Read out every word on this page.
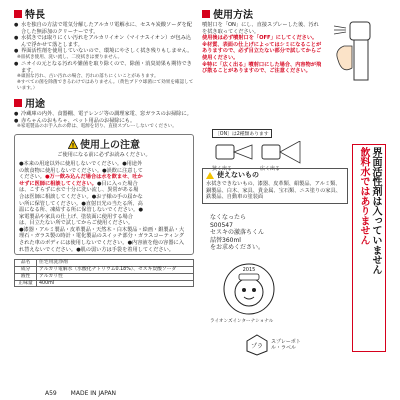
特長
● 水を独自の方法で電気分解したアルカリ電解水に、セスキ炭酸ソーダを配合した無添加のクリーナーです。
● 水拭きでは取りにくい汚れをアルカリイオン（マイナスイオン）が包み込んで浮かせて落とします。
● 界面活性剤を使用していないので、環境にやさしく拭き残りもしません。
※皿拭き使用、洗い流し、二度拭きは要りません。
● ニオイの元となる汚れや雑菌を取り除くので、除菌・消臭効果も期待できます。
※頑固な汚れ、古い汚れの場合、汚れの落ちにくいことがあります。
※すべての菌を除菌できるわけではありません。（黄色ブドウ球菌にて効果を確認しています。）
用途
● 冷蔵庫の内外、食器棚、電子レンジ等の調理家電、窓ガラスのお掃除に。
● 赤ちゃんのおもちゃ、ペット用品のお掃除にも。
※家電製品のお手入れの際は、電源を切り、直接スプレーしないでください。
! 使用上の注意
ご使用になる前に必ずお読みください。
●本来の用途以外に使用しないでください。●用途外の飲食物に使用しないでください。●誤飲に注意してください。●万一飲み込んだ場合は水を飲ませ、吐かせずに医師に相談してください。●目に入った場合は、こすらずに水で十分に洗い流し、異常がある場合は医師に相談してください。●お子様の手の届かない所に保管してください。●直射日光の当たる所、高温になる所、凍結する所に保管しないでください。●家電製品や家具の仕上げ、塗装面に使用する場合は、目立たない所で試してからご使用ください。
●漆器・アルミ製品・皮革製品・天然木・白木製品・絵画・銀製品・大理石・ガラス製の時計・電化製品のスイッチ部分・ガラスコーティングされた車のボディには使用しないでください。●内容液を他の容器に入れ替えないでください。●肌の弱い方は手袋を着用してください。
品名	住宅用洗浄剤
成分	アルカリ電解水（水酸化ナトリウム0.18%）、セスキ炭酸ソーダ
液性	アルカリ性
正味量	400ml
使用方法
噴射口を「ON」にし、直接スプレーした後、汚れを拭き取ってください。
使用後は必ず噴射口を「OFF」にしてください。
※材質、表面の仕上げによってはシミになることがありますので、必ず目立たない部分で試してからご使用ください。
※特に「広く出る」噴射口にした場合、内容物が飛び散ることがありますので、ご注意ください。
［ON］は2種類あります
狭く出る	広く出る
使えないもの
水拭きできないもの、漆器、皮革類、絹製品、アルミ類、銅製品、白木、家具、貴金属、宝石類、ニス塗りの家具、鉄製品、自動車の塗装面
なくなったら
S00547
セスキの激落ちくん
詰替360ml
をお求めください。
2015
ライオンズインターナショナル
プラ
スプレーボトル・ラベル
界面活性剤は入っていません
飲料水ではありません
A59 MADE IN JAPAN
